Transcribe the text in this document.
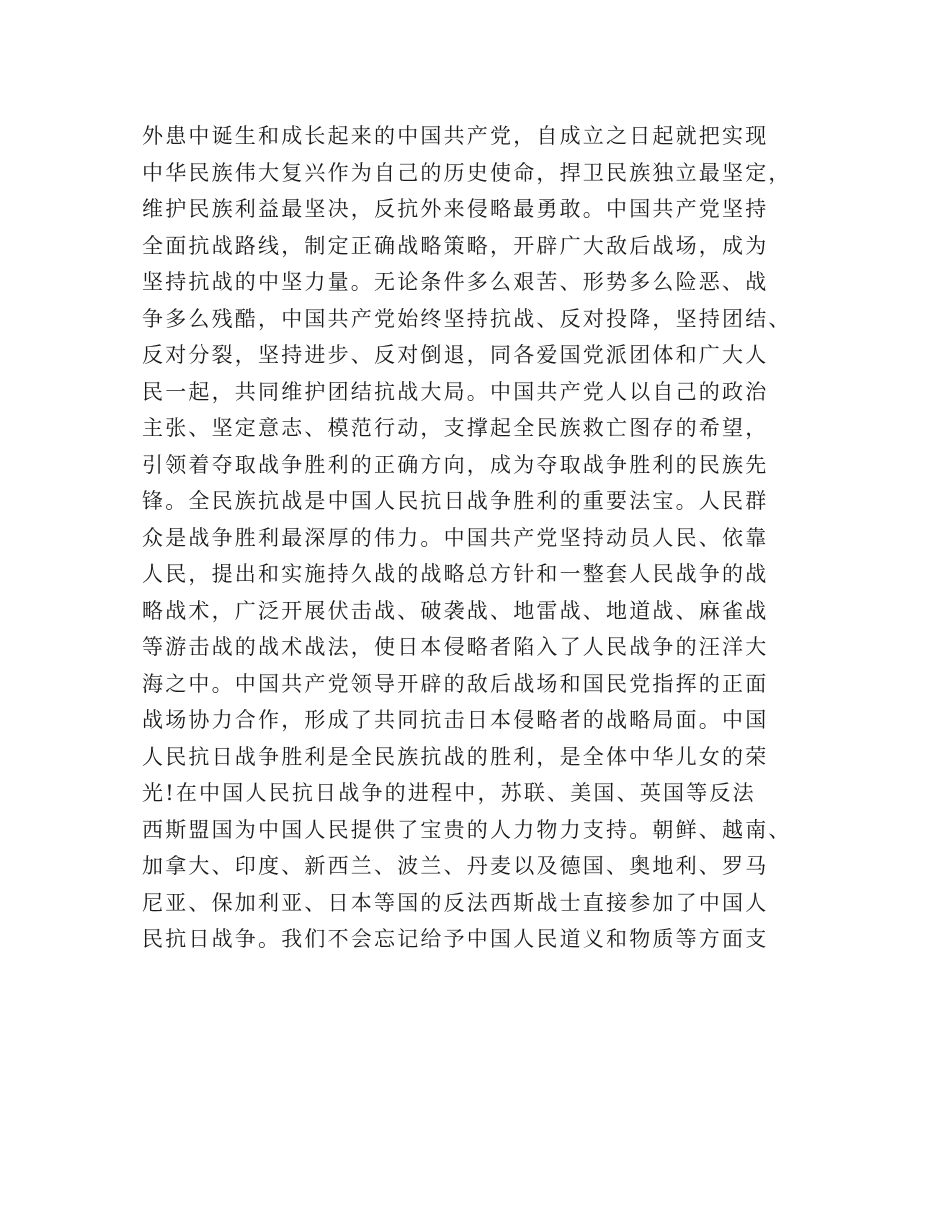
外患中诞生和成长起来的中国共产党，自成立之日起就把实现
中华民族伟大复兴作为自己的历史使命，捍卫民族独立最坚定，
维护民族利益最坚决，反抗外来侵略最勇敢。中国共产党坚持
全面抗战路线，制定正确战略策略，开辟广大敌后战场，成为
坚持抗战的中坚力量。无论条件多么艰苦、形势多么险恶、战
争多么残酷，中国共产党始终坚持抗战、反对投降，坚持团结、
反对分裂，坚持进步、反对倒退，同各爱国党派团体和广大人
民一起，共同维护团结抗战大局。中国共产党人以自己的政治
主张、坚定意志、模范行动，支撑起全民族救亡图存的希望，
引领着夺取战争胜利的正确方向，成为夺取战争胜利的民族先
锋。全民族抗战是中国人民抗日战争胜利的重要法宝。人民群
众是战争胜利最深厚的伟力。中国共产党坚持动员人民、依靠
人民，提出和实施持久战的战略总方针和一整套人民战争的战
略战术，广泛开展伏击战、破袭战、地雷战、地道战、麻雀战
等游击战的战术战法，使日本侵略者陷入了人民战争的汪洋大
海之中。中国共产党领导开辟的敌后战场和国民党指挥的正面
战场协力合作，形成了共同抗击日本侵略者的战略局面。中国
人民抗日战争胜利是全民族抗战的胜利，是全体中华儿女的荣
光!在中国人民抗日战争的进程中，苏联、美国、英国等反法
西斯盟国为中国人民提供了宝贵的人力物力支持。朝鲜、越南、
加拿大、印度、新西兰、波兰、丹麦以及德国、奥地利、罗马
尼亚、保加利亚、日本等国的反法西斯战士直接参加了中国人
民抗日战争。我们不会忘记给予中国人民道义和物质等方面支
